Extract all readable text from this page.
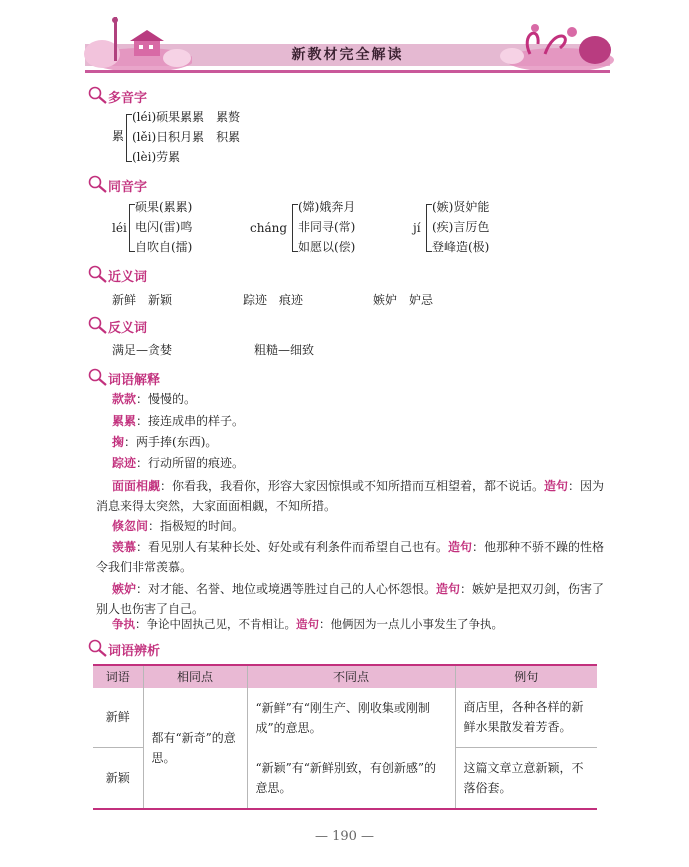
新教材完全解读
多音字
累
(léi)硕果累累　累赘
(lěi)日积月累　积累
(lèi)劳累
同音字
léi
硕果(累累)
电闪(雷)鸣
自吹自(擂)
cháng
(嫦)娥奔月
非同寻(常)
如愿以(偿)
jí
(嫉)贤妒能
(疾)言厉色
登峰造(极)
近义词
新鲜　新颖	踪迹　痕迹	嫉妒　妒忌
反义词
满足—贪婪	粗糙—细致
词语解释
款款：慢慢的。
累累：接连成串的样子。
掬：两手捧(东西)。
踪迹：行动所留的痕迹。
面面相觑：你看我，我看你，形容大家因惊惧或不知所措而互相望着，都不说话。造句：因为消息来得太突然，大家面面相觑，不知所措。
倏忽间：指极短的时间。
羡慕：看见别人有某种长处、好处或有利条件而希望自己也有。造句：他那种不骄不躁的性格令我们非常羡慕。
嫉妒：对才能、名誉、地位或境遇等胜过自己的人心怀怨恨。造句：嫉妒是把双刃剑，伤害了别人也伤害了自己。
争执：争论中固执己见，不肯相让。造句：他俩因为一点儿小事发生了争执。
词语辨析
词语	相同点	不同点	例句
新鲜	都有“新奇”的意思。	“新鲜”有“刚生产、刚收集或刚制成”的意思。	商店里，各种各样的新鲜水果散发着芳香。
新颖		“新颖”有“新鲜别致，有创新感”的意思。	这篇文章立意新颖，不落俗套。
— 190 —
